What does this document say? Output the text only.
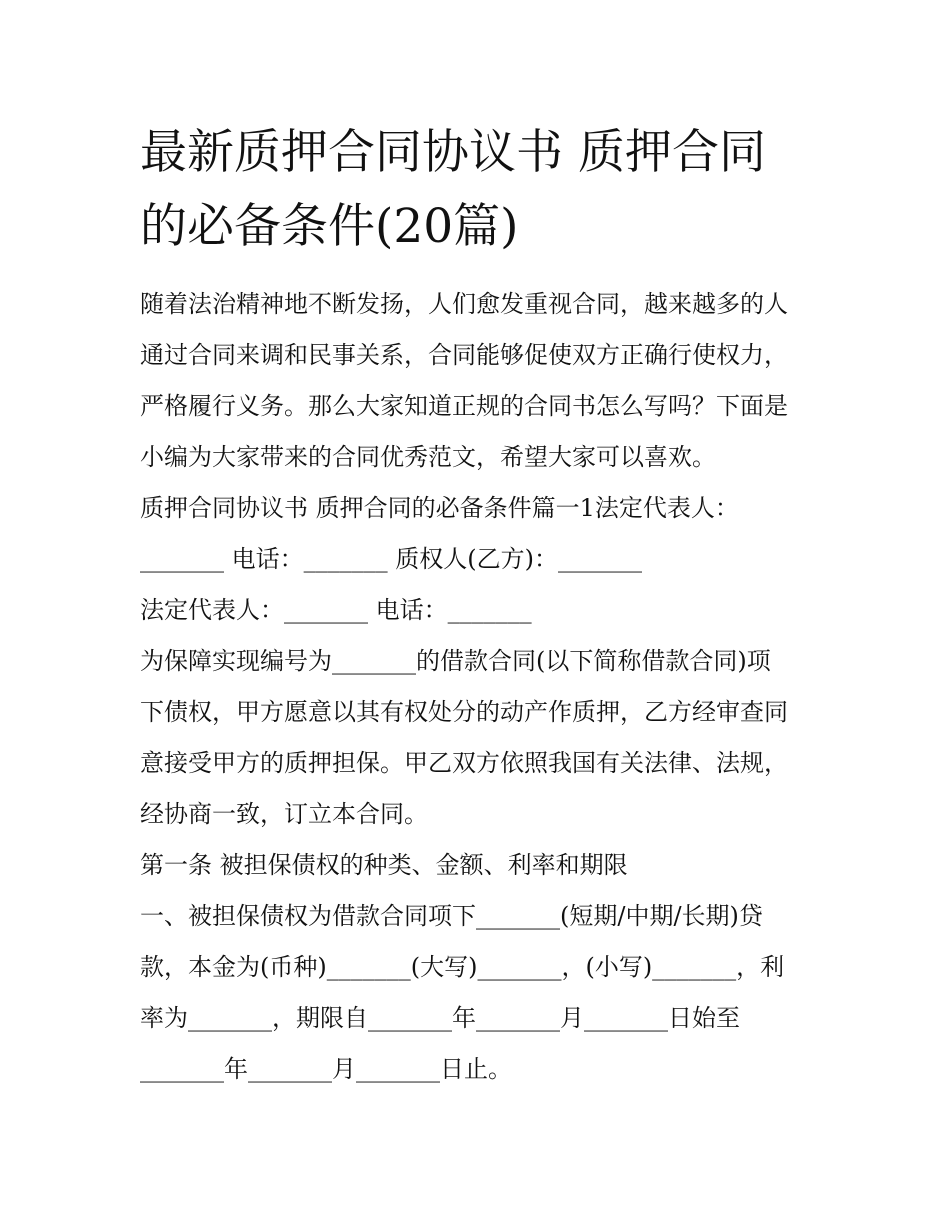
最新质押合同协议书 质押合同
的必备条件(20篇)
随着法治精神地不断发扬，人们愈发重视合同，越来越多的人
通过合同来调和民事关系，合同能够促使双方正确行使权力，
严格履行义务。那么大家知道正规的合同书怎么写吗？下面是
小编为大家带来的合同优秀范文，希望大家可以喜欢。
质押合同协议书 质押合同的必备条件篇一1法定代表人：
_______ 电话：_______ 质权人(乙方)：_______
法定代表人：_______ 电话：_______
为保障实现编号为_______的借款合同(以下简称借款合同)项
下债权，甲方愿意以其有权处分的动产作质押，乙方经审查同
意接受甲方的质押担保。甲乙双方依照我国有关法律、法规，
经协商一致，订立本合同。
第一条 被担保债权的种类、金额、利率和期限
一、被担保债权为借款合同项下_______(短期/中期/长期)贷
款，本金为(币种)_______(大写)_______，(小写)_______，利
率为_______，期限自_______年_______月_______日始至
_______年_______月_______日止。
